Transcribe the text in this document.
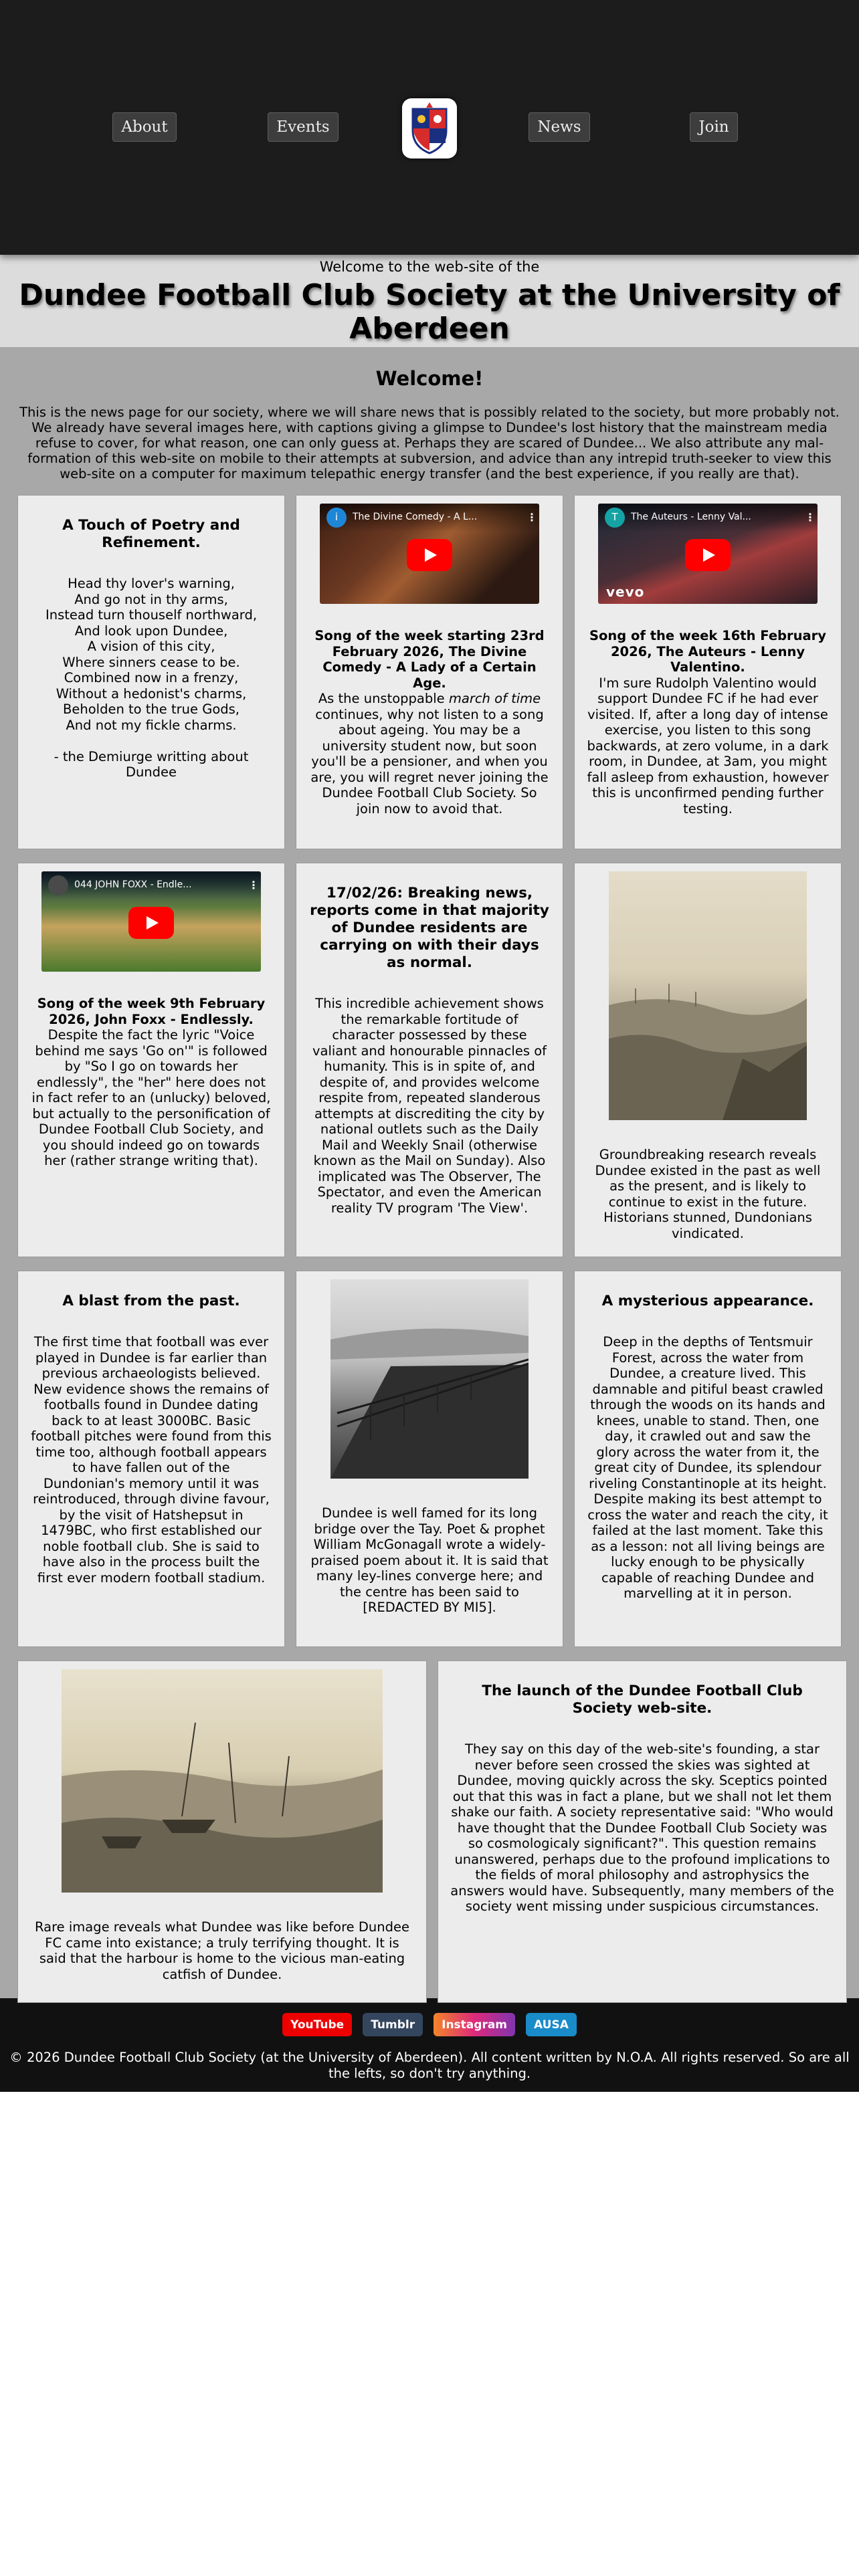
About	Events	News	Join
Welcome to the web-site of the
Dundee Football Club Society at the University of Aberdeen
Welcome!

This is the news page for our society, where we will share news that is possibly related to the society, but more probably not. We already have several images here, with captions giving a glimpse to Dundee's lost history that the mainstream media refuse to cover, for what reason, one can only guess at. Perhaps they are scared of Dundee... We also attribute any mal-formation of this web-site on mobile to their attempts at subversion, and advice than any intrepid truth-seeker to view this web-site on a computer for maximum telepathic energy transfer (and the best experience, if you really are that).

A Touch of Poetry and Refinement.
Head thy lover's warning,
And go not in thy arms,
Instead turn thouself northward,
And look upon Dundee,
A vision of this city,
Where sinners cease to be.
Combined now in a frenzy,
Without a hedonist's charms,
Beholden to the true Gods,
And not my fickle charms.

- the Demiurge writting about Dundee
i	The Divine Comedy - A L...	⋮
Song of the week starting 23rd February 2026, The Divine Comedy - A Lady of a Certain Age.
As the unstoppable march of time continues, why not listen to a song about ageing. You may be a university student now, but soon you'll be a pensioner, and when you are, you will regret never joining the Dundee Football Club Society. So join now to avoid that.
T	The Auteurs - Lenny Val...	⋮
vevo
Song of the week 16th February 2026, The Auteurs - Lenny Valentino.
I'm sure Rudolph Valentino would support Dundee FC if he had ever visited. If, after a long day of intense exercise, you listen to this song backwards, at zero volume, in a dark room, in Dundee, at 3am, you might fall asleep from exhaustion, however this is unconfirmed pending further testing.
044 JOHN FOXX - Endle...	⋮
Song of the week 9th February 2026, John Foxx - Endlessly.
Despite the fact the lyric "Voice behind me says 'Go on'" is followed by "So I go on towards her endlessly", the "her" here does not in fact refer to an (unlucky) beloved, but actually to the personification of Dundee Football Club Society, and you should indeed go on towards her (rather strange writing that).
17/02/26: Breaking news, reports come in that majority of Dundee residents are carrying on with their days as normal.
This incredible achievement shows the remarkable fortitude of character possessed by these valiant and honourable pinnacles of humanity. This is in spite of, and despite of, and provides welcome respite from, repeated slanderous attempts at discrediting the city by national outlets such as the Daily Mail and Weekly Snail (otherwise known as the Mail on Sunday). Also implicated was The Observer, The Spectator, and even the American reality TV program 'The View'.
Groundbreaking research reveals Dundee existed in the past as well as the present, and is likely to continue to exist in the future. Historians stunned, Dundonians vindicated.
A blast from the past.
The first time that football was ever played in Dundee is far earlier than previous archaeologists believed. New evidence shows the remains of footballs found in Dundee dating back to at least 3000BC. Basic football pitches were found from this time too, although football appears to have fallen out of the Dundonian's memory until it was reintroduced, through divine favour, by the visit of Hatshepsut in 1479BC, who first established our noble football club. She is said to have also in the process built the first ever modern football stadium.
Dundee is well famed for its long bridge over the Tay. Poet & prophet William McGonagall wrote a widely-praised poem about it. It is said that many ley-lines converge here; and the centre has been said to [REDACTED BY MI5].
A mysterious appearance.
Deep in the depths of Tentsmuir Forest, across the water from Dundee, a creature lived. This damnable and pitiful beast crawled through the woods on its hands and knees, unable to stand. Then, one day, it crawled out and saw the glory across the water from it, the great city of Dundee, its splendour riveling Constantinople at its height. Despite making its best attempt to cross the water and reach the city, it failed at the last moment. Take this as a lesson: not all living beings are lucky enough to be physically capable of reaching Dundee and marvelling at it in person.
Rare image reveals what Dundee was like before Dundee FC came into existance; a truly terrifying thought. It is said that the harbour is home to the vicious man-eating catfish of Dundee.
The launch of the Dundee Football Club Society web-site.
They say on this day of the web-site's founding, a star never before seen crossed the skies was sighted at Dundee, moving quickly across the sky. Sceptics pointed out that this was in fact a plane, but we shall not let them shake our faith. A society representative said: "Who would have thought that the Dundee Football Club Society was so cosmologicaly significant?". This question remains unanswered, perhaps due to the profound implications to the fields of moral philosophy and astrophysics the answers would have. Subsequently, many members of the society went missing under suspicious circumstances.
YouTube	Tumblr	Instagram	AUSA

© 2026 Dundee Football Club Society (at the University of Aberdeen). All content written by N.O.A. All rights reserved. So are all the lefts, so don't try anything.
